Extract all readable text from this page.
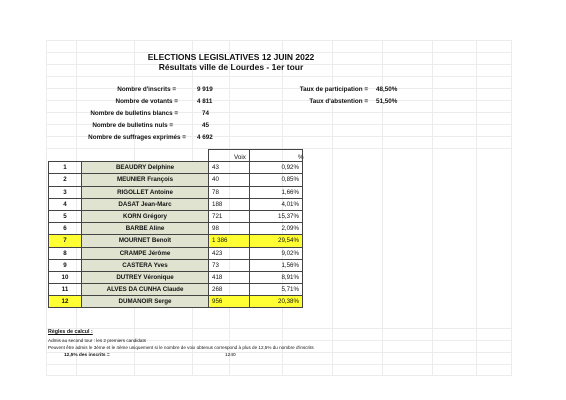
ELECTIONS LEGISLATIVES 12 JUIN 2022
Résultats ville de Lourdes - 1er tour
Nombre d'inscrits =	9 919
Nombre de votants =	4 811
Nombre de bulletins blancs =	74
Nombre de bulletins nuls =	45
Nombre de suffrages exprimés = 4 692
Taux de participation = 48,50%
Taux d'abstention = 51,50%
Voix	%

1	BEAUDRY Delphine	43	0,92%
2	MEUNIER François	40	0,85%
3	RIGOLLET Antoine	78	1,66%
4	DASAT Jean-Marc	188	4,01%
5	KORN Grégory	721	15,37%
6	BARBE Aline	98	2,09%
7	MOURNET Benoît	1 386	29,54%
8	CRAMPE Jérôme	423	9,02%
9	CASTERA Yves	73	1,56%
10	DUTREY Véronique	418	8,91%
11	ALVES DA CUNHA Claude	268	5,71%
12	DUMANOIR Serge	956	20,38%
Règles de calcul :
Admis au second tour : les 2 premiers candidats
Peuvent être admis le 3ème et le 4ème uniquement si le nombre de voix obtenus correspond à plus de 12,5% du nombre d'inscrits
12,5% des inscrits =	1240
